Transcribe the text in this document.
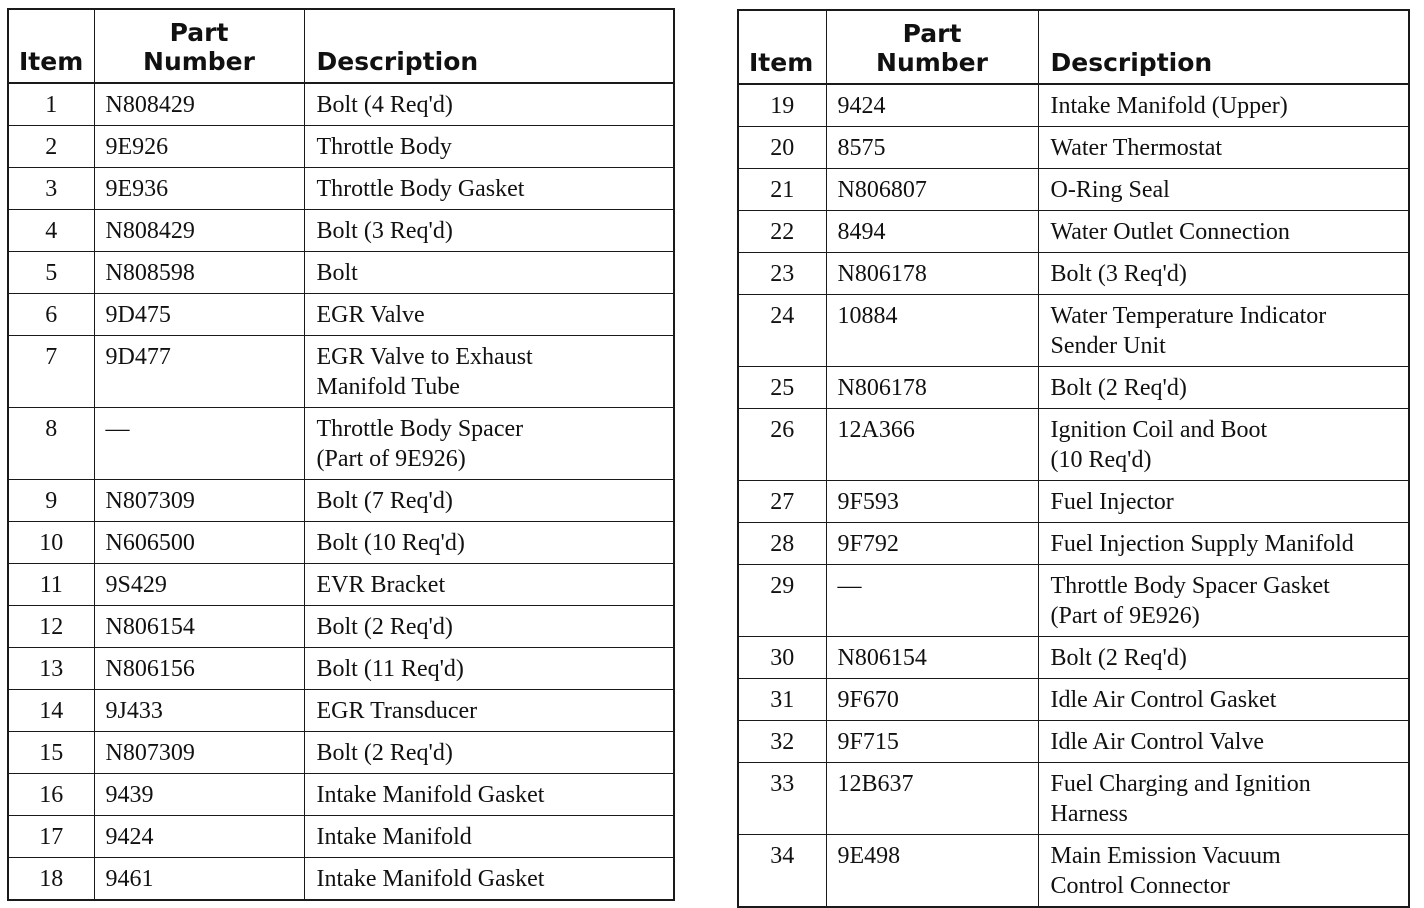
Item	Part
Number	Description

1	N808429	Bolt (4 Req'd)

2	9E926	Throttle Body

3	9E936	Throttle Body Gasket

4	N808429	Bolt (3 Req'd)

5	N808598	Bolt

6	9D475	EGR Valve

7	9D477	EGR Valve to Exhaust
Manifold Tube

8	—	Throttle Body Spacer
(Part of 9E926)

9	N807309	Bolt (7 Req'd)

10	N606500	Bolt (10 Req'd)

11	9S429	EVR Bracket

12	N806154	Bolt (2 Req'd)

13	N806156	Bolt (11 Req'd)

14	9J433	EGR Transducer

15	N807309	Bolt (2 Req'd)

16	9439	Intake Manifold Gasket

17	9424	Intake Manifold

18	9461	Intake Manifold Gasket
Item	Part
Number	Description

19	9424	Intake Manifold (Upper)

20	8575	Water Thermostat

21	N806807	O-Ring Seal

22	8494	Water Outlet Connection

23	N806178	Bolt (3 Req'd)

24	10884	Water Temperature Indicator
Sender Unit

25	N806178	Bolt (2 Req'd)

26	12A366	Ignition Coil and Boot
(10 Req'd)

27	9F593	Fuel Injector

28	9F792	Fuel Injection Supply Manifold

29	—	Throttle Body Spacer Gasket
(Part of 9E926)

30	N806154	Bolt (2 Req'd)

31	9F670	Idle Air Control Gasket

32	9F715	Idle Air Control Valve

33	12B637	Fuel Charging and Ignition
Harness

34	9E498	Main Emission Vacuum
Control Connector
